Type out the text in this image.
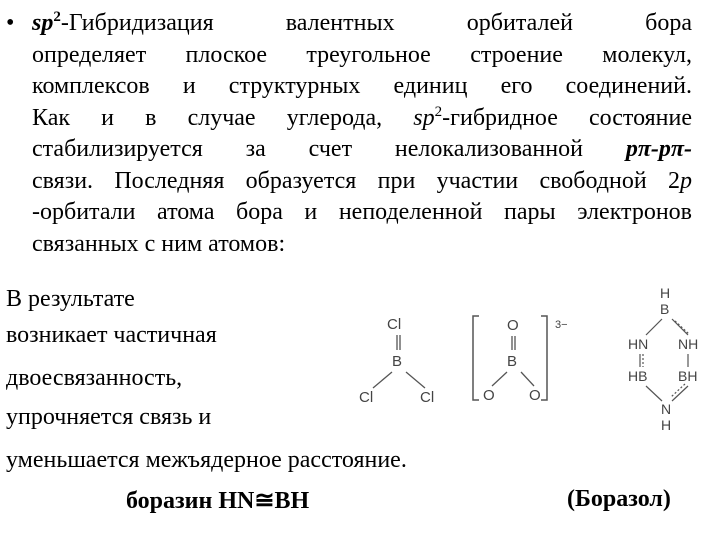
• $sp^2$-Гибридизация валентных орбиталей бора
определяет плоское треугольное строение молекул,
комплексов и структурных единиц его соединений.
Как и в случае углерода, $sp^2$-гибридное состояние
стабилизируется за счет нелокализованной pπ-pπ-
связи. Последняя образуется при участии свободной 2p
-орбитали атома бора и неподеленной пары электронов
связанных с ним атомов:
В результате
возникает частичная
двоесвязанность,
упрочняется связь и
уменьшается межъядерное расстояние.
Cl
B
Cl	Cl
3−
O
B
O O
H
B
HN NH
HB BH
N
H
боразин HN≅BH	(Боразол)
